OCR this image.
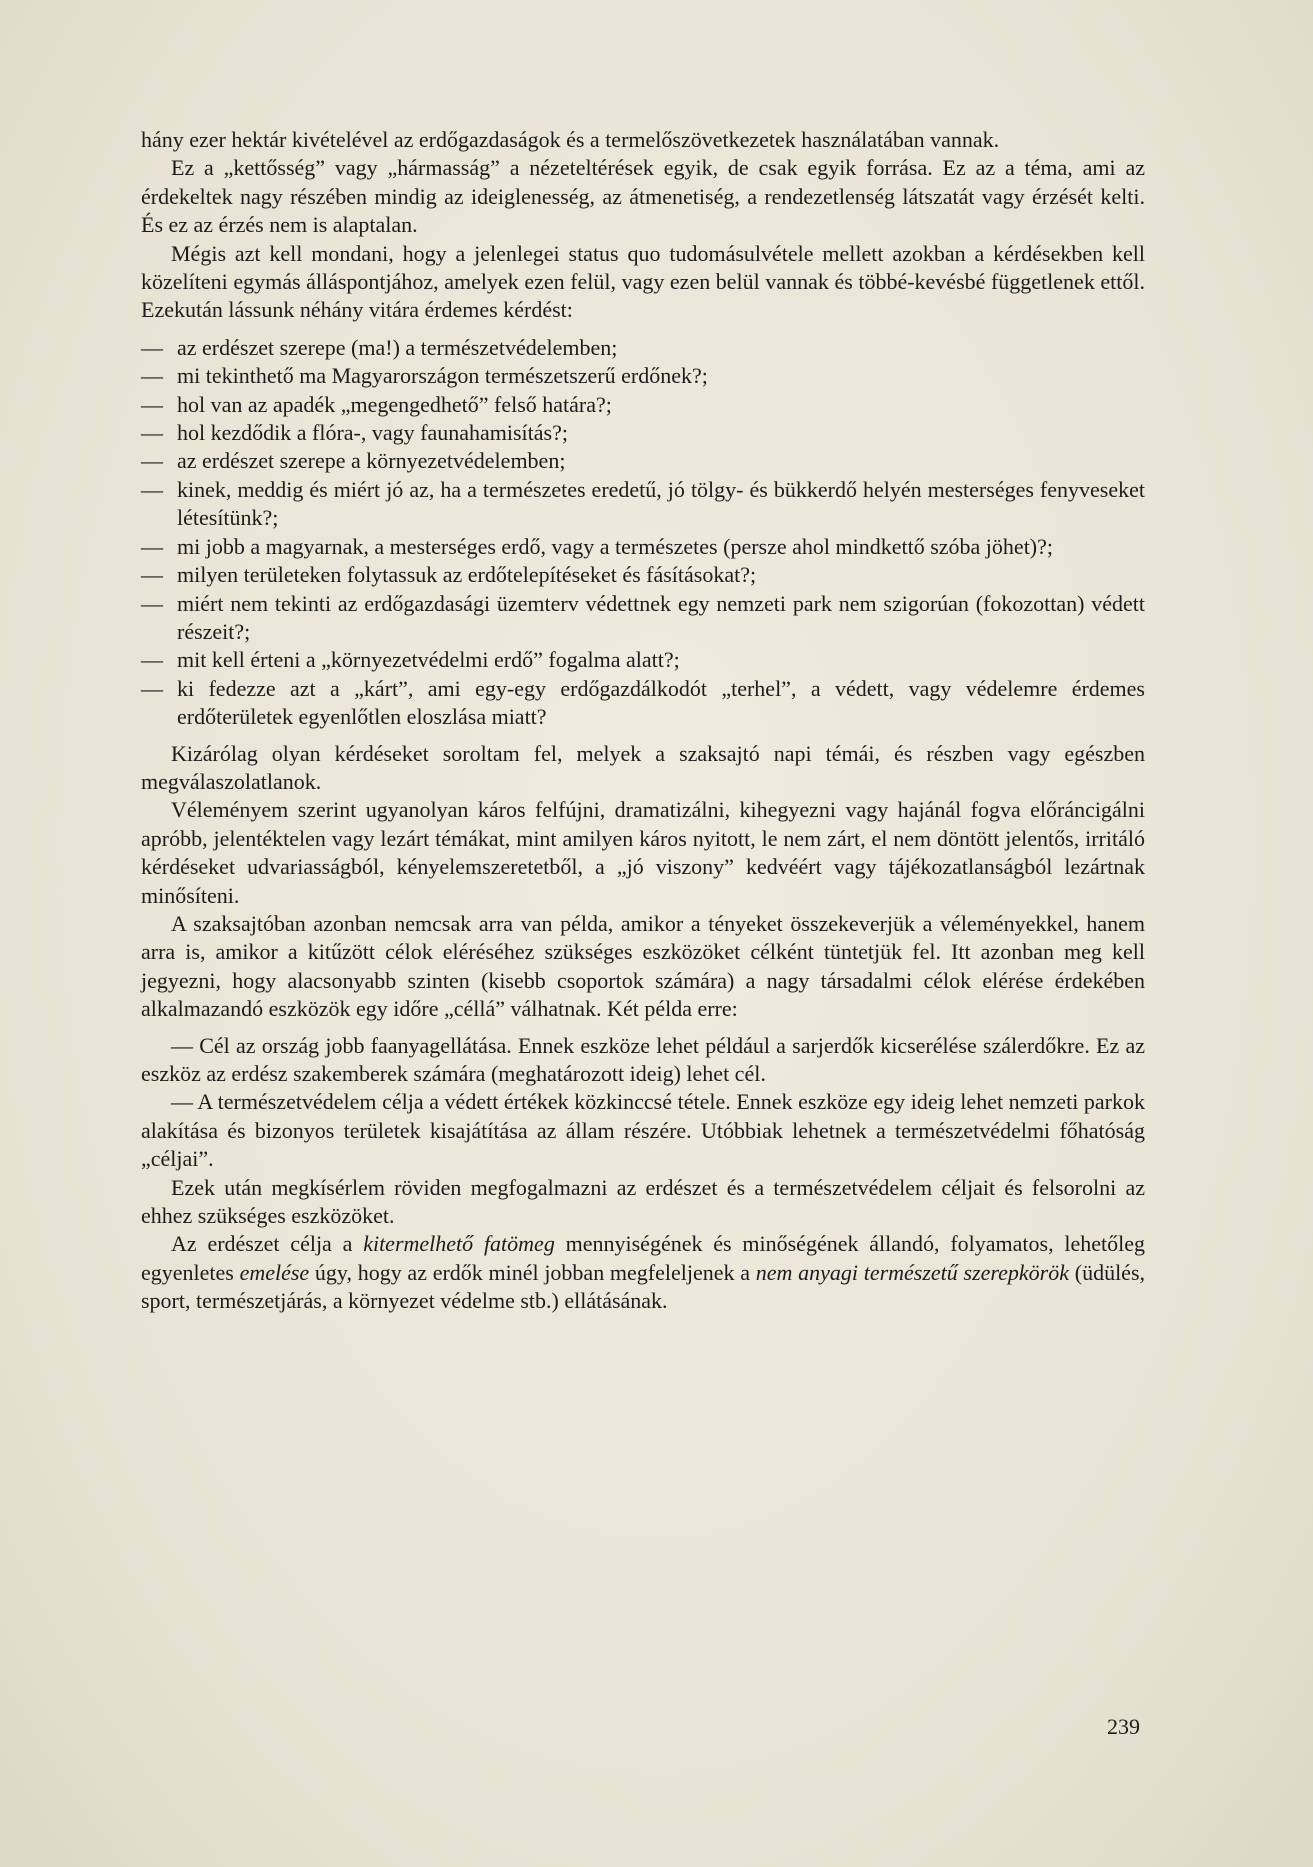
hány ezer hektár kivételével az erdőgazdaságok és a termelőszövetkezetek használatában vannak.

Ez a „kettősség” vagy „hármasság” a nézeteltérések egyik, de csak egyik forrása. Ez az a téma, ami az érdekeltek nagy részében mindig az ideiglenesség, az átmenetiség, a rendezetlenség látszatát vagy érzését kelti. És ez az érzés nem is alaptalan.

Mégis azt kell mondani, hogy a jelenlegei status quo tudomásulvétele mellett azokban a kérdésekben kell közelíteni egymás álláspontjához, amelyek ezen felül, vagy ezen belül vannak és többé-kevésbé függetlenek ettől. Ezekután lássunk néhány vitára érdemes kérdést:

— az erdészet szerepe (ma!) a természetvédelemben;
— mi tekinthető ma Magyarországon természetszerű erdőnek?;
— hol van az apadék „megengedhető” felső határa?;
— hol kezdődik a flóra-, vagy faunahamisítás?;
— az erdészet szerepe a környezetvédelemben;
— kinek, meddig és miért jó az, ha a természetes eredetű, jó tölgy- és bükkerdő helyén mesterséges fenyveseket létesítünk?;
— mi jobb a magyarnak, a mesterséges erdő, vagy a természetes (persze ahol mindkettő szóba jöhet)?;
— milyen területeken folytassuk az erdőtelepítéseket és fásításokat?;
— miért nem tekinti az erdőgazdasági üzemterv védettnek egy nemzeti park nem szigorúan (fokozottan) védett részeit?;
— mit kell érteni a „környezetvédelmi erdő” fogalma alatt?;
— ki fedezze azt a „kárt”, ami egy-egy erdőgazdálkodót „terhel”, a védett, vagy védelemre érdemes erdőterületek egyenlőtlen eloszlása miatt?

Kizárólag olyan kérdéseket soroltam fel, melyek a szaksajtó napi témái, és részben vagy egészben megválaszolatlanok.

Véleményem szerint ugyanolyan káros felfújni, dramatizálni, kihegyezni vagy hajánál fogva előráncigálni apróbb, jelentéktelen vagy lezárt témákat, mint amilyen káros nyitott, le nem zárt, el nem döntött jelentős, irritáló kérdéseket udvariasságból, kényelemszeretetből, a „jó viszony” kedvéért vagy tájékozatlanságból lezártnak minősíteni.

A szaksajtóban azonban nemcsak arra van példa, amikor a tényeket összekeverjük a véleményekkel, hanem arra is, amikor a kitűzött célok eléréséhez szükséges eszközöket célként tüntetjük fel. Itt azonban meg kell jegyezni, hogy alacsonyabb szinten (kisebb csoportok számára) a nagy társadalmi célok elérése érdekében alkalmazandó eszközök egy időre „céllá” válhatnak. Két példa erre:

— Cél az ország jobb faanyagellátása. Ennek eszköze lehet például a sarjerdők kicserélése szálerdőkre. Ez az eszköz az erdész szakemberek számára (meghatározott ideig) lehet cél.

— A természetvédelem célja a védett értékek közkinccsé tétele. Ennek eszköze egy ideig lehet nemzeti parkok alakítása és bizonyos területek kisajátítása az állam részére. Utóbbiak lehetnek a természetvédelmi főhatóság „céljai”.

Ezek után megkísérlem röviden megfogalmazni az erdészet és a természetvédelem céljait és felsorolni az ehhez szükséges eszközöket.

Az erdészet célja a kitermelhető fatömeg mennyiségének és minőségének állandó, folyamatos, lehetőleg egyenletes emelése úgy, hogy az erdők minél jobban megfeleljenek a nem anyagi természetű szerepkörök (üdülés, sport, természetjárás, a környezet védelme stb.) ellátásának.

239
